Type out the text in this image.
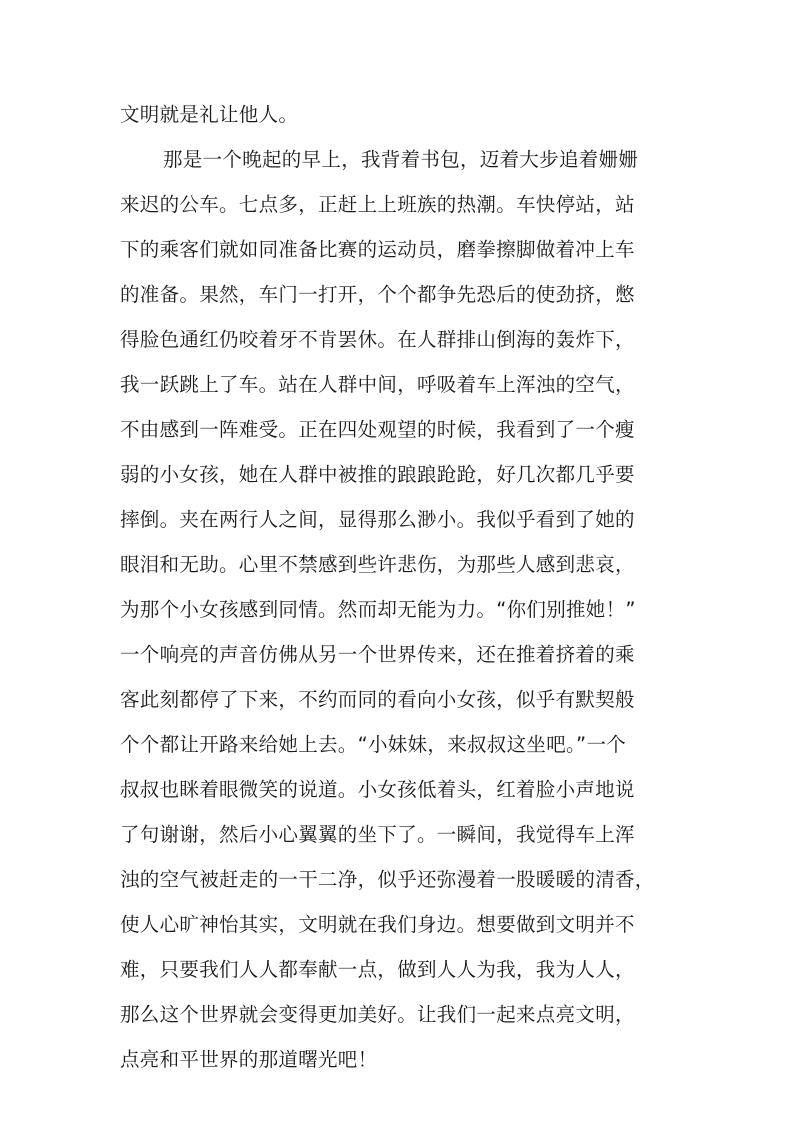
文明就是礼让他人。
那是一个晚起的早上，我背着书包，迈着大步追着姗姗
来迟的公车。七点多，正赶上上班族的热潮。车快停站，站
下的乘客们就如同准备比赛的运动员，磨拳擦脚做着冲上车
的准备。果然，车门一打开，个个都争先恐后的使劲挤，憋
得脸色通红仍咬着牙不肯罢休。在人群排山倒海的轰炸下，
我一跃跳上了车。站在人群中间，呼吸着车上浑浊的空气，
不由感到一阵难受。正在四处观望的时候，我看到了一个瘦
弱的小女孩，她在人群中被推的踉踉跄跄，好几次都几乎要
摔倒。夹在两行人之间，显得那么渺小。我似乎看到了她的
眼泪和无助。心里不禁感到些许悲伤，为那些人感到悲哀，
为那个小女孩感到同情。然而却无能为力。“你们别推她！”
一个响亮的声音仿佛从另一个世界传来，还在推着挤着的乘
客此刻都停了下来，不约而同的看向小女孩，似乎有默契般
个个都让开路来给她上去。“小妹妹，来叔叔这坐吧。”一个
叔叔也眯着眼微笑的说道。小女孩低着头，红着脸小声地说
了句谢谢，然后小心翼翼的坐下了。一瞬间，我觉得车上浑
浊的空气被赶走的一干二净，似乎还弥漫着一股暖暖的清香，
使人心旷神怡其实，文明就在我们身边。想要做到文明并不
难，只要我们人人都奉献一点，做到人人为我，我为人人，
那么这个世界就会变得更加美好。让我们一起来点亮文明，
点亮和平世界的那道曙光吧！
